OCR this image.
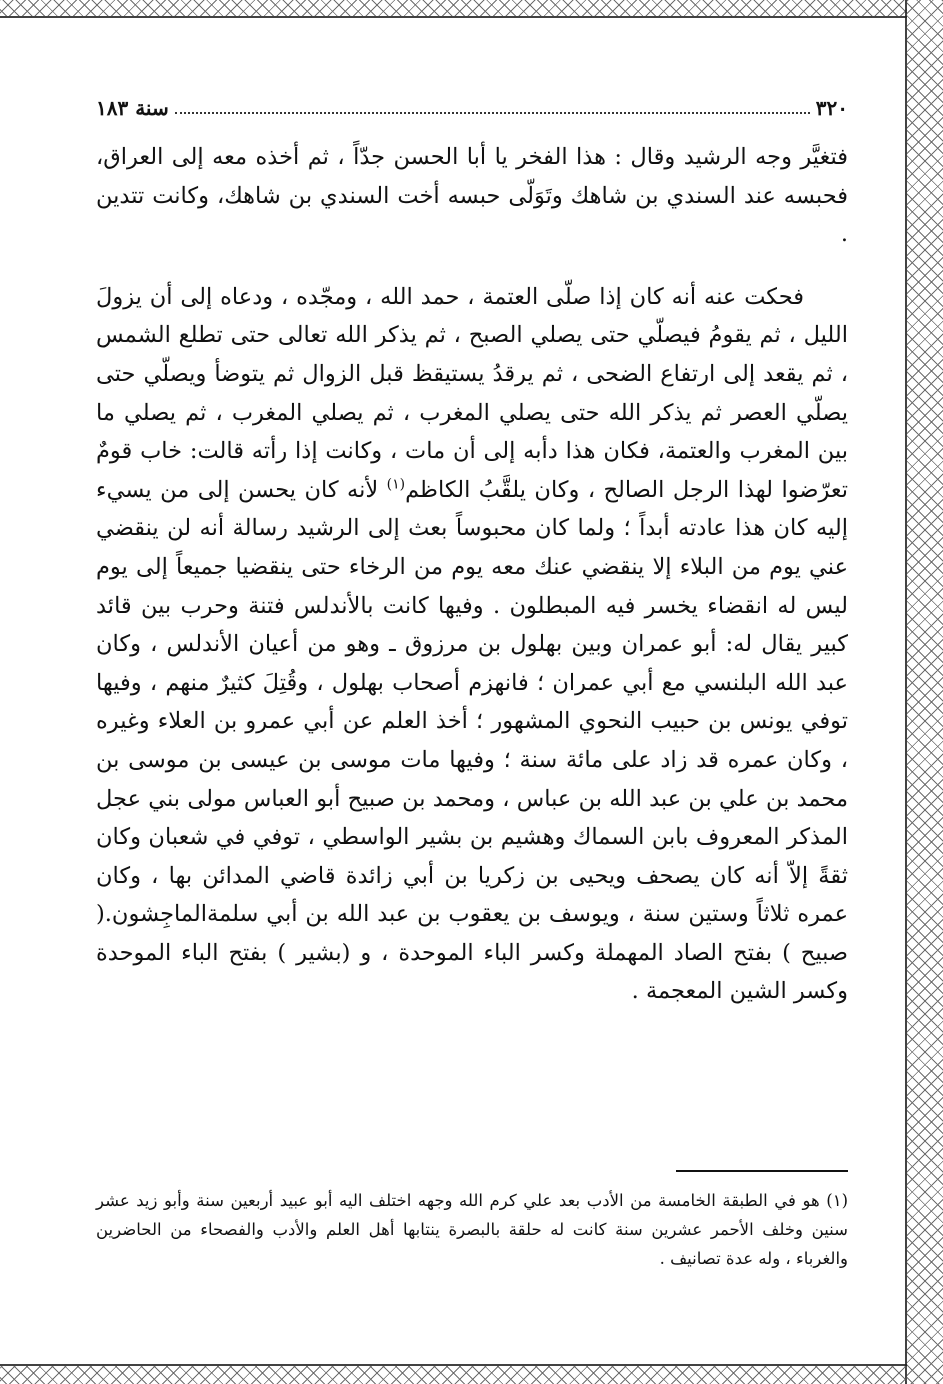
٣٢٠
سنة ١٨٣

فتغيَّر وجه الرشيد وقال : هذا الفخر يا أبا الحسن جدّاً ، ثم أخذه معه إلى العراق، فحبسه عند السندي بن شاهك وتَوَلّى حبسه أخت السندي بن شاهك، وكانت تتدين .

فحكت عنه أنه كان إذا صلّى العتمة ، حمد الله ، ومجّده ، ودعاه إلى أن يزولَ الليل ، ثم يقومُ فيصلّي حتى يصلي الصبح ، ثم يذكر الله تعالى حتى تطلع الشمس ، ثم يقعد إلى ارتفاع الضحى ، ثم يرقدُ يستيقظ قبل الزوال ثم يتوضأ ويصلّي حتى يصلّي العصر ثم يذكر الله حتى يصلي المغرب ، ثم يصلي المغرب ، ثم يصلي ما بين المغرب والعتمة، فكان هذا دأبه إلى أن مات ، وكانت إذا رأته قالت: خاب قومٌ تعرّضوا لهذا الرجل الصالح ، وكان يلقَّبُ الكاظم$^{(١)}$ لأنه كان يحسن إلى من يسيء إليه كان هذا عادته أبداً ؛ ولما كان محبوساً بعث إلى الرشيد رسالة أنه لن ينقضي عني يوم من البلاء إلا ينقضي عنك معه يوم من الرخاء حتى ينقضيا جميعاً إلى يوم ليس له انقضاء يخسر فيه المبطلون . وفيها كانت بالأندلس فتنة وحرب بين قائد كبير يقال له: أبو عمران وبين بهلول بن مرزوق ـ وهو من أعيان الأندلس ، وكان عبد الله البلنسي مع أبي عمران ؛ فانهزم أصحاب بهلول ، وقُتِلَ كثيرٌ منهم ، وفيها توفي يونس بن حبيب النحوي المشهور ؛ أخذ العلم عن أبي عمرو بن العلاء وغيره ، وكان عمره قد زاد على مائة سنة ؛ وفيها مات موسى بن عيسى بن موسى بن محمد بن علي بن عبد الله بن عباس ، ومحمد بن صبيح أبو العباس مولى بني عجل المذكر المعروف بابن السماك وهشيم بن بشير الواسطي ، توفي في شعبان وكان ثقةً إلاّ أنه كان يصحف ويحيى بن زكريا بن أبي زائدة قاضي المدائن بها ، وكان عمره ثلاثاً وستين سنة ، ويوسف بن يعقوب بن عبد الله بن أبي سلمةالماجِشون.( صبيح ) بفتح الصاد المهملة وكسر الباء الموحدة ، و (بشير ) بفتح الباء الموحدة وكسر الشين المعجمة .

(١) هو في الطبقة الخامسة من الأدب بعد علي كرم الله وجهه اختلف اليه أبو عبيد أربعين سنة وأبو زيد عشر سنين وخلف الأحمر عشرين سنة كانت له حلقة بالبصرة ينتابها أهل العلم والأدب والفصحاء من الحاضرين والغرباء ، وله عدة تصانيف .
